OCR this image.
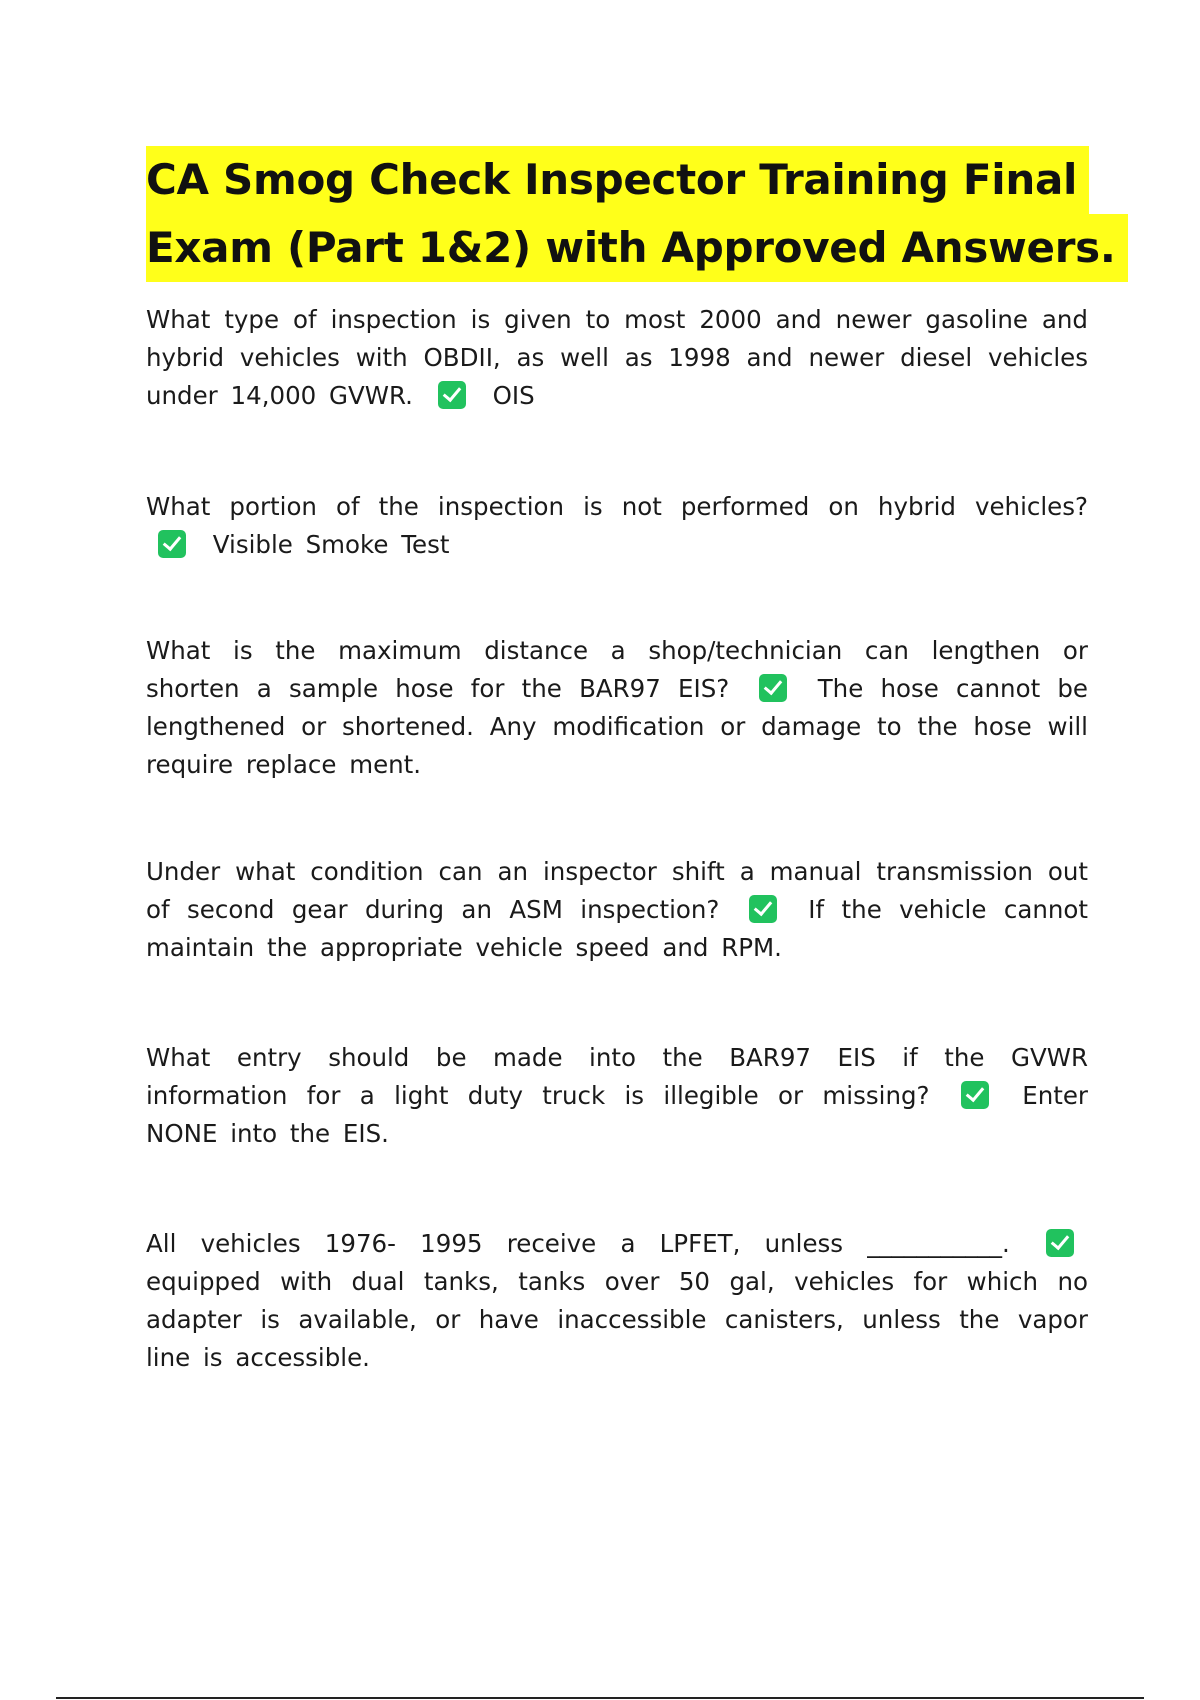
CA Smog Check Inspector Training Final
Exam (Part 1&2) with Approved Answers.
What type of inspection is given to most 2000 and newer gasoline and hybrid vehicles with OBDII, as well as 1998 and newer diesel vehicles under 14,000 GVWR.	OIS
What portion of the inspection is not performed on hybrid vehicles?  Visible Smoke Test
What is the maximum distance a shop/technician can lengthen or shorten a sample hose for the BAR97 EIS?	The hose cannot be lengthened or shortened. Any modification or damage to the hose will require replace ment.
Under what condition can an inspector shift a manual transmission out of second gear during an ASM inspection?	If the vehicle cannot maintain the appropriate vehicle speed and RPM.
What entry should be made into the BAR97 EIS if the GVWR information for a light duty truck is illegible or missing?	Enter NONE into the EIS.
All vehicles 1976- 1995 receive a LPFET, unless ___________.  equipped with dual tanks, tanks over 50 gal, vehicles for which no adapter is available, or have inaccessible canisters, unless the vapor line is accessible.
